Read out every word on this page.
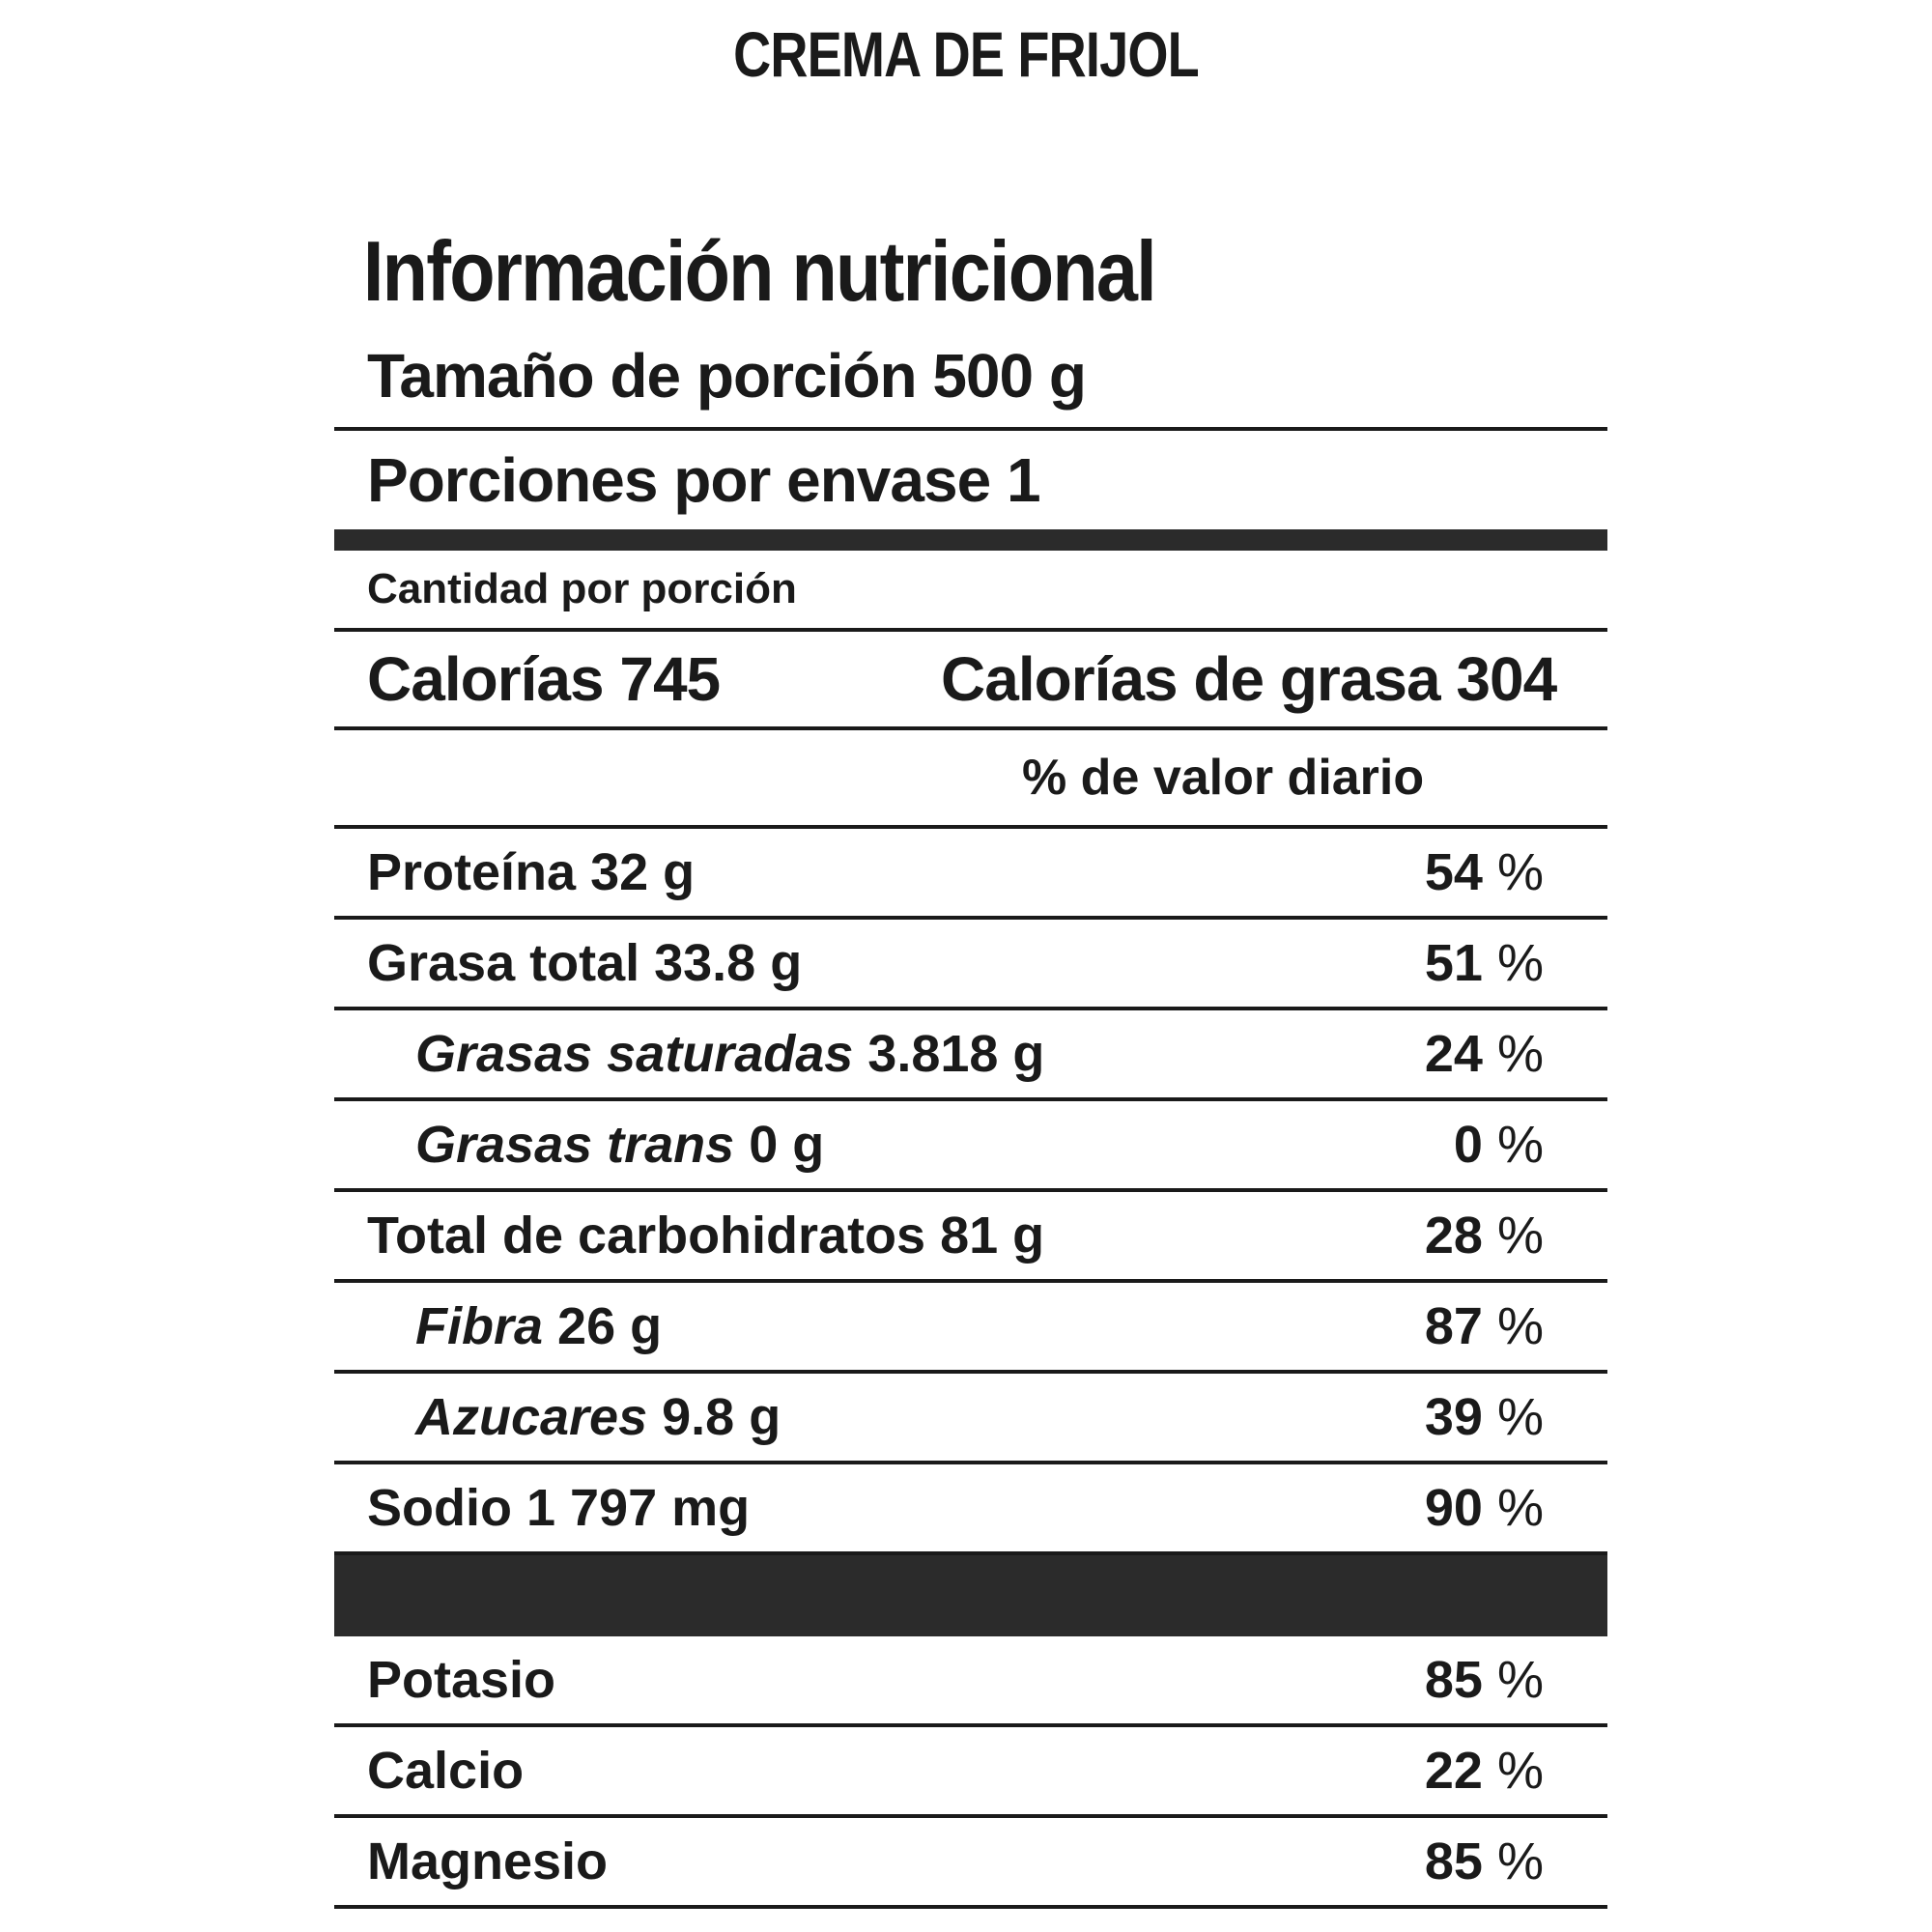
CREMA DE FRIJOL
Información nutricional
Tamaño de porción 500 g
Porciones por envase 1
Cantidad por porción
Calorías 745	Calorías de grasa 304
% de valor diario
Proteína 32 g	54 %
Grasa total 33.8 g	51 %
Grasas saturadas 3.818 g	24 %
Grasas trans 0 g	0 %
Total de carbohidratos 81 g	28 %
Fibra 26 g	87 %
Azucares 9.8 g	39 %
Sodio 1 797 mg	90 %
Potasio	85 %
Calcio	22 %
Magnesio	85 %
